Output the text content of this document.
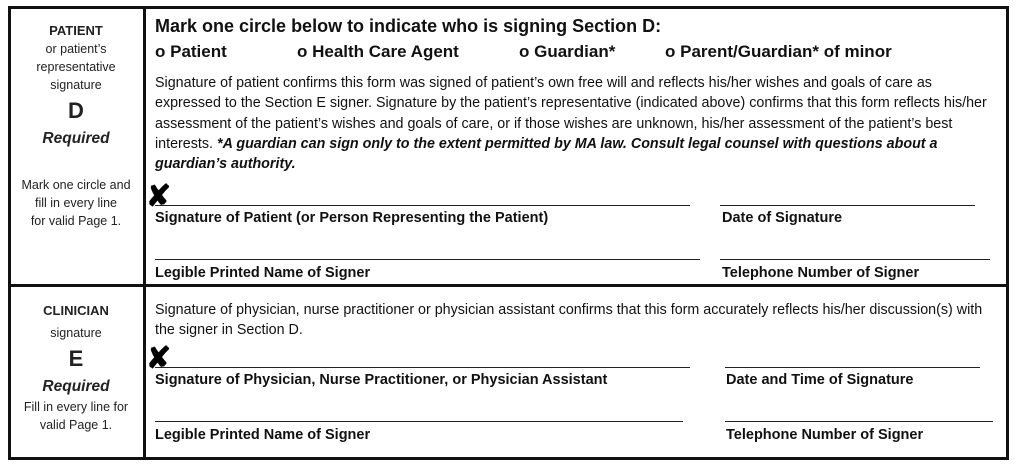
PATIENT
or patient’s
representative
signature
D
Required
Mark one circle and
fill in every line
for valid Page 1.
Mark one circle below to indicate who is signing Section D:
o Patient	o Health Care Agent	o Guardian*	o Parent/Guardian* of minor
Signature of patient confirms this form was signed of patient’s own free will and reflects his/her wishes and goals of care as expressed to the Section E signer. Signature by the patient’s representative (indicated above) confirms that this form reflects his/her assessment of the patient’s wishes and goals of care, or if those wishes are unknown, his/her assessment of the patient’s best interests. *A guardian can sign only to the extent permitted by MA law. Consult legal counsel with questions about a guardian’s authority.
✘
Signature of Patient (or Person Representing the Patient)	Date of Signature
Legible Printed Name of Signer	Telephone Number of Signer
CLINICIAN
signature
E
Required
Fill in every line for
valid Page 1.
Signature of physician, nurse practitioner or physician assistant confirms that this form accurately reflects his/her discussion(s) with the signer in Section D.
✘
Signature of Physician, Nurse Practitioner, or Physician Assistant	Date and Time of Signature
Legible Printed Name of Signer	Telephone Number of Signer
